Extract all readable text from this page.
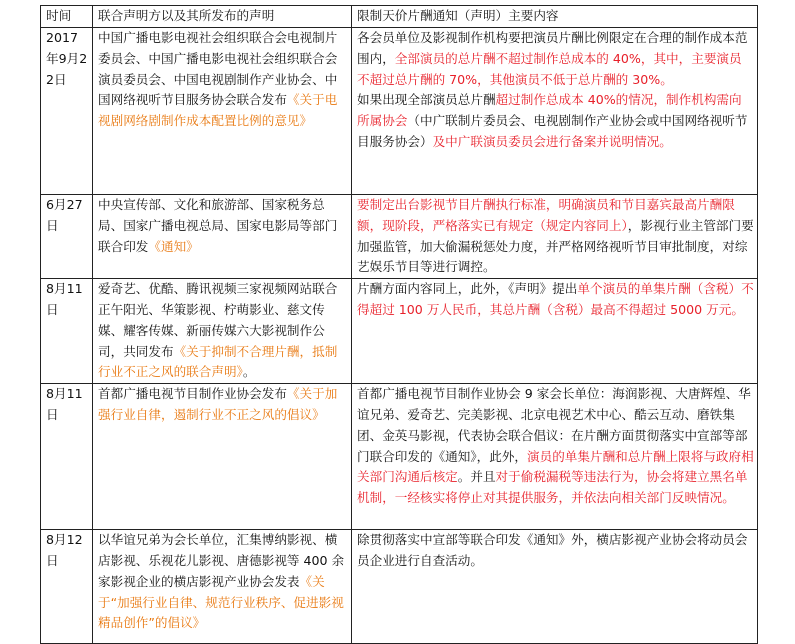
时间	联合声明方以及其所发布的声明	限制天价片酬通知（声明）主要内容
2017年9月22日	中国广播电影电视社会组织联合会电视制片委员会、中国广播电影电视社会组织联合会演员委员会、中国电视剧制作产业协会、中国网络视听节目服务协会联合发布《关于电视剧网络剧制作成本配置比例的意见》	各会员单位及影视制作机构要把演员片酬比例限定在合理的制作成本范围内，全部演员的总片酬不超过制作总成本的 40%，其中，主要演员不超过总片酬的 70%，其他演员不低于总片酬的 30%。
如果出现全部演员总片酬超过制作总成本 40%的情况，制作机构需向所属协会（中广联制片委员会、电视剧制作产业协会或中国网络视听节目服务协会）及中广联演员委员会进行备案并说明情况。
6月27日	中央宣传部、文化和旅游部、国家税务总局、国家广播电视总局、国家电影局等部门联合印发《通知》	要制定出台影视节目片酬执行标准，明确演员和节目嘉宾最高片酬限额，现阶段，严格落实已有规定（规定内容同上），影视行业主管部门要加强监管，加大偷漏税惩处力度，并严格网络视听节目审批制度，对综艺娱乐节目等进行调控。
8月11日	爱奇艺、优酷、腾讯视频三家视频网站联合正午阳光、华策影视、柠萌影业、慈文传媒、耀客传媒、新丽传媒六大影视制作公司，共同发布《关于抑制不合理片酬，抵制行业不正之风的联合声明》。	片酬方面内容同上，此外，《声明》提出单个演员的单集片酬（含税）不得超过 100 万人民币，其总片酬（含税）最高不得超过 5000 万元。
8月11日	首都广播电视节目制作业协会发布《关于加强行业自律，遏制行业不正之风的倡议》	首都广播电视节目制作业协会 9 家会长单位：海润影视、大唐辉煌、华谊兄弟、爱奇艺、完美影视、北京电视艺术中心、酷云互动、磨铁集团、金英马影视，代表协会联合倡议：在片酬方面贯彻落实中宣部等部门联合印发的《通知》，此外，演员的单集片酬和总片酬上限将与政府相关部门沟通后核定。并且对于偷税漏税等违法行为，协会将建立黑名单机制，一经核实将停止对其提供服务，并依法向相关部门反映情况。
8月12日	以华谊兄弟为会长单位，汇集博纳影视、横店影视、乐视花儿影视、唐德影视等 400 余家影视企业的横店影视产业协会发表《关于“加强行业自律、规范行业秩序、促进影视精品创作”的倡议》	除贯彻落实中宣部等联合印发《通知》外，横店影视产业协会将动员会员企业进行自查活动。
